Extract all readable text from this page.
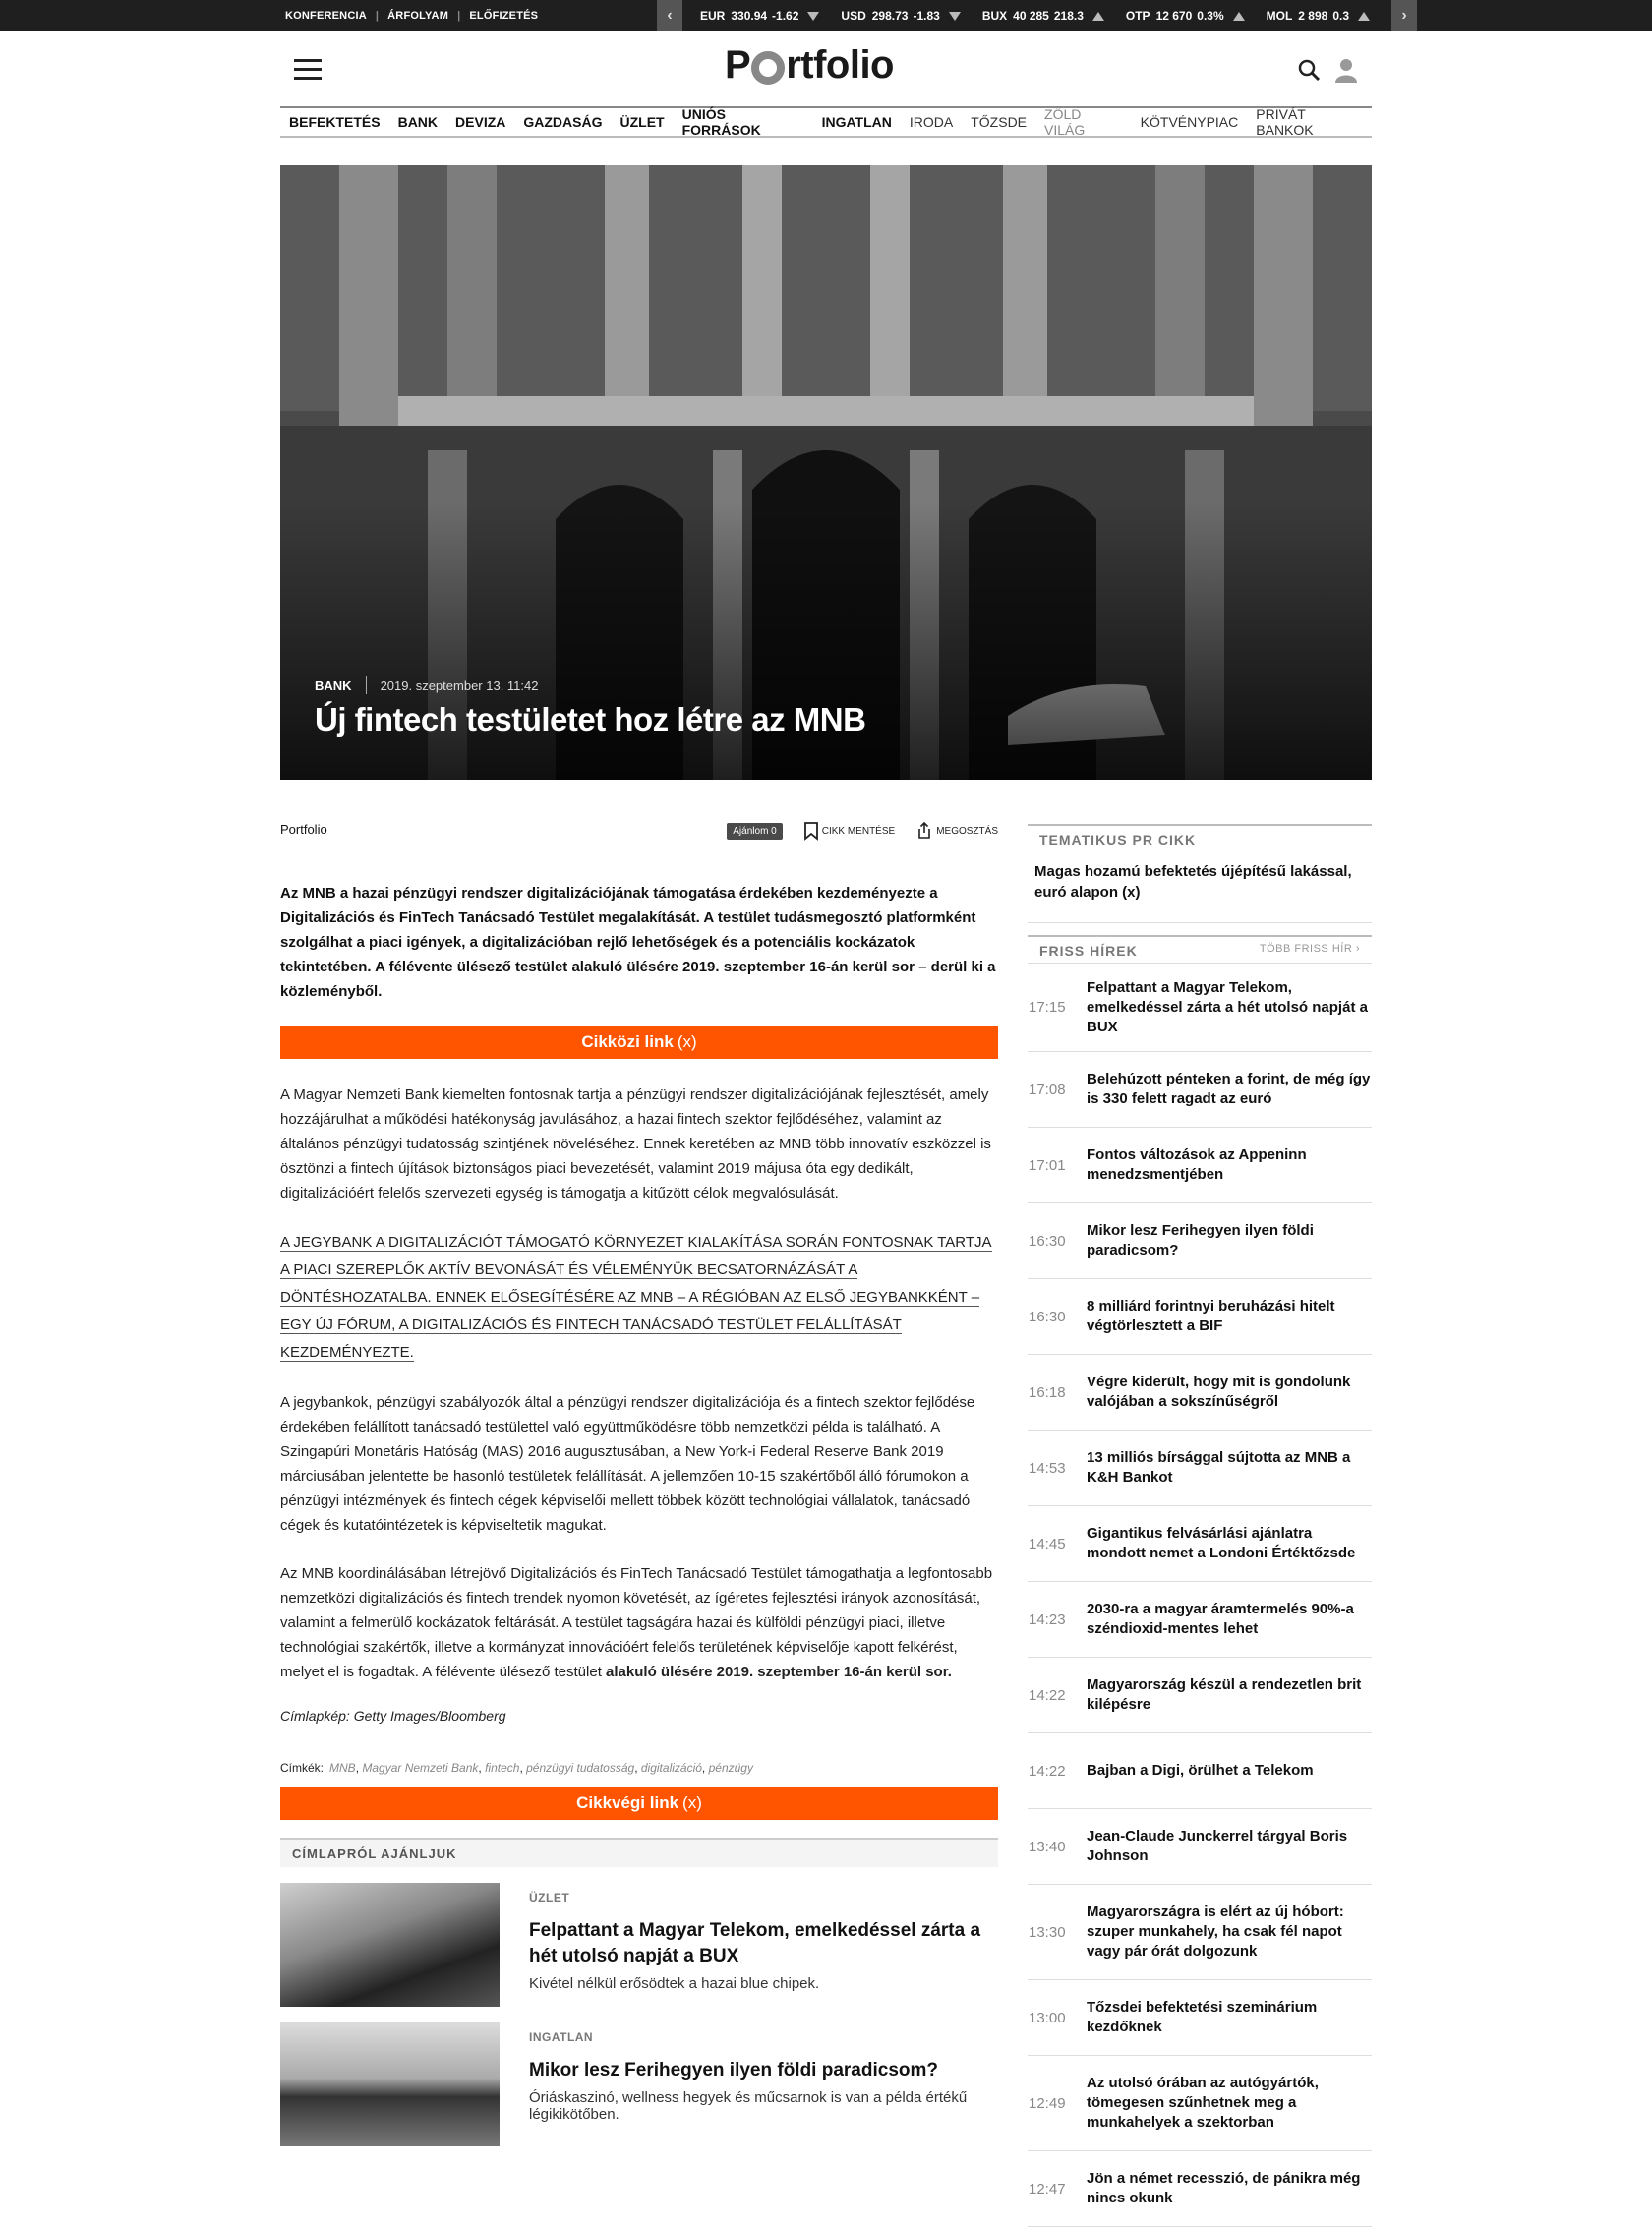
KONFERENCIA | ÁRFOLYAM | ELŐFIZETÉS	‹	EUR 330.94 -1.62	USD 298.73 -1.83	BUX 40 285 218.3	OTP 12 670 0.3%	MOL 2 898 0.3	›
P rtfolio
BEFEKTETÉS BANK DEVIZA GAZDASÁG ÜZLET UNIÓS FORRÁSOK	INGATLAN IRODA TŐZSDE ZÖLD VILÁG	KÖTVÉNYPIAC PRIVÁT BANKOK
BANK 2019. szeptember 13. 11:42
Új fintech testületet hoz létre az MNB
Portfolio	Ajánlom 0	CIKK MENTÉSE	MEGOSZTÁS

Az MNB a hazai pénzügyi rendszer digitalizációjának támogatása érdekében kezdeményezte a Digitalizációs és FinTech Tanácsadó Testület megalakítását. A testület tudásmegosztó platformként szolgálhat a piaci igények, a digitalizációban rejlő lehetőségek és a potenciális kockázatok tekintetében. A félévente ülésező testület alakuló ülésére 2019. szeptember 16-án kerül sor – derül ki a közleményből.

Cikközi link (x)

A Magyar Nemzeti Bank kiemelten fontosnak tartja a pénzügyi rendszer digitalizációjának fejlesztését, amely hozzájárulhat a működési hatékonyság javulásához, a hazai fintech szektor fejlődéséhez, valamint az általános pénzügyi tudatosság szintjének növeléséhez. Ennek keretében az MNB több innovatív eszközzel is ösztönzi a fintech újítások biztonságos piaci bevezetését, valamint 2019 májusa óta egy dedikált, digitalizációért felelős szervezeti egység is támogatja a kitűzött célok megvalósulását.

A JEGYBANK A DIGITALIZÁCIÓT TÁMOGATÓ KÖRNYEZET KIALAKÍTÁSA SORÁN FONTOSNAK TARTJA A PIACI SZEREPLŐK AKTÍV BEVONÁSÁT ÉS VÉLEMÉNYÜK BECSATORNÁZÁSÁT A DÖNTÉSHOZATALBA. ENNEK ELŐSEGÍTÉSÉRE AZ MNB – A RÉGIÓBAN AZ ELSŐ JEGYBANKKÉNT – EGY ÚJ FÓRUM, A DIGITALIZÁCIÓS ÉS FINTECH TANÁCSADÓ TESTÜLET FELÁLLÍTÁSÁT KEZDEMÉNYEZTE.

A jegybankok, pénzügyi szabályozók által a pénzügyi rendszer digitalizációja és a fintech szektor fejlődése érdekében felállított tanácsadó testülettel való együttműködésre több nemzetközi példa is található. A Szingapúri Monetáris Hatóság (MAS) 2016 augusztusában, a New York-i Federal Reserve Bank 2019 márciusában jelentette be hasonló testületek felállítását. A jellemzően 10-15 szakértőből álló fórumokon a pénzügyi intézmények és fintech cégek képviselői mellett többek között technológiai vállalatok, tanácsadó cégek és kutatóintézetek is képviseltetik magukat.

Az MNB koordinálásában létrejövő Digitalizációs és FinTech Tanácsadó Testület támogathatja a legfontosabb nemzetközi digitalizációs és fintech trendek nyomon követését, az ígéretes fejlesztési irányok azonosítását, valamint a felmerülő kockázatok feltárását. A testület tagságára hazai és külföldi pénzügyi piaci, illetve technológiai szakértők, illetve a kormányzat innovációért felelős területének képviselője kapott felkérést, melyet el is fogadtak. A félévente ülésező testület alakuló ülésére 2019. szeptember 16-án kerül sor.

Címlapkép: Getty Images/Bloomberg

Címkék: MNB, Magyar Nemzeti Bank, fintech, pénzügyi tudatosság, digitalizáció, pénzügy
Cikkvégi link (x)
CÍMLAPRÓL AJÁNLJUK
ÜZLET
Felpattant a Magyar Telekom, emelkedéssel zárta a hét utolsó napját a BUX
Kivétel nélkül erősödtek a hazai blue chipek.
INGATLAN
Mikor lesz Ferihegyen ilyen földi paradicsom?
Óriáskaszinó, wellness hegyek és műcsarnok is van a példa értékű légikikötőben.
TEMATIKUS PR CIKK
Magas hozamú befektetés újépítésű lakással, euró alapon (x)
FRISS HÍREK	TÖBB FRISS HÍR ›
17:15
Felpattant a Magyar Telekom, emelkedéssel zárta a hét utolsó napját a BUX
17:08
Belehúzott pénteken a forint, de még így is 330 felett ragadt az euró
17:01
Fontos változások az Appeninn menedzsmentjében
16:30
Mikor lesz Ferihegyen ilyen földi paradicsom?
16:30
8 milliárd forintnyi beruházási hitelt végtörlesztett a BIF
16:18
Végre kiderült, hogy mit is gondolunk valójában a sokszínűségről
14:53
13 milliós bírsággal sújtotta az MNB a K&H Bankot
14:45
Gigantikus felvásárlási ajánlatra mondott nemet a Londoni Értéktőzsde
14:23
2030-ra a magyar áramtermelés 90%-a széndioxid-mentes lehet
14:22
Magyarország készül a rendezetlen brit kilépésre
14:22	Bajban a Digi, örülhet a Telekom
13:40
Jean-Claude Junckerrel tárgyal Boris Johnson
13:30
Magyarországra is elért az új hóbort: szuper munkahely, ha csak fél napot vagy pár órát dolgozunk
13:00
Tőzsdei befektetési szeminárium kezdőknek
12:49
Az utolsó órában az autógyártók, tömegesen szűnhetnek meg a munkahelyek a szektorban
12:47
Jön a német recesszió, de pánikra még nincs okunk
